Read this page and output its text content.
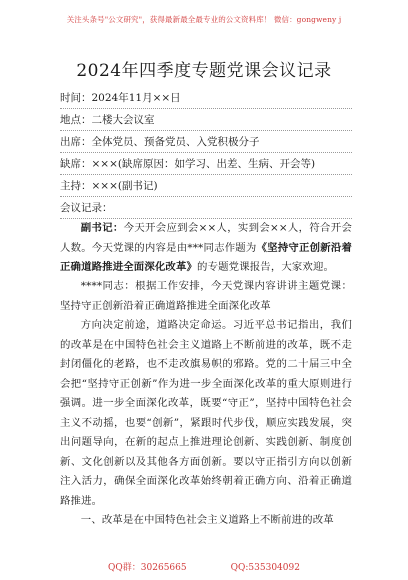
关注头条号"公文研究"，获得最新最全最专业的公文资料库！ 微信：gongweny j
2024年四季度专题党课会议记录
时间：2024年11月××日
地点：二楼大会议室
出席：全体党员、预备党员、入党积极分子
缺席：×××(缺席原因：如学习、出差、生病、开会等)
主持：×××(副书记)
会议记录：
副书记：今天开会应到会××人，实到会××人，符合开会人数。今天党课的内容是由***同志作题为《坚持守正创新沿着正确道路推进全面深化改革》的专题党课报告，大家欢迎。
****同志：根据工作安排，今天党课内容讲讲主题党课：坚持守正创新沿着正确道路推进全面深化改革
方向决定前途，道路决定命运。习近平总书记指出，我们的改革是在中国特色社会主义道路上不断前进的改革，既不走封闭僵化的老路，也不走改旗易帜的邪路。党的二十届三中全会把“坚持守正创新”作为进一步全面深化改革的重大原则进行强调。进一步全面深化改革，既要“守正”，坚持中国特色社会主义不动摇，也要“创新”，紧跟时代步伐，顺应实践发展，突出问题导向，在新的起点上推进理论创新、实践创新、制度创新、文化创新以及其他各方面创新。要以守正指引方向以创新注入活力，确保全面深化改革始终朝着正确方向、沿着正确道路推进。
一、改革是在中国特色社会主义道路上不断前进的改革
QQ群：30265665	QQ:535304092
